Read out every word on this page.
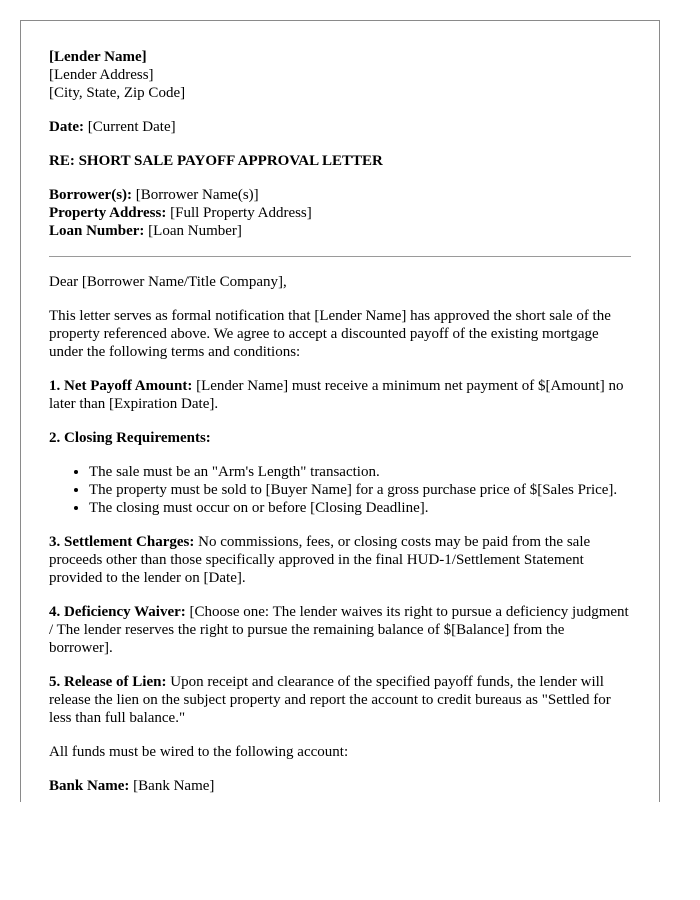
[Lender Name]
[Lender Address]
[City, State, Zip Code]

Date: [Current Date]

RE: SHORT SALE PAYOFF APPROVAL LETTER

Borrower(s): [Borrower Name(s)]
Property Address: [Full Property Address]
Loan Number: [Loan Number]

Dear [Borrower Name/Title Company],

This letter serves as formal notification that [Lender Name] has approved the short sale of the property referenced above. We agree to accept a discounted payoff of the existing mortgage under the following terms and conditions:

1. Net Payoff Amount: [Lender Name] must receive a minimum net payment of $[Amount] no later than [Expiration Date].

2. Closing Requirements:

• The sale must be an "Arm's Length" transaction.
• The property must be sold to [Buyer Name] for a gross purchase price of $[Sales Price].
• The closing must occur on or before [Closing Deadline].

3. Settlement Charges: No commissions, fees, or closing costs may be paid from the sale proceeds other than those specifically approved in the final HUD-1/Settlement Statement provided to the lender on [Date].

4. Deficiency Waiver: [Choose one: The lender waives its right to pursue a deficiency judgment / The lender reserves the right to pursue the remaining balance of $[Balance] from the borrower].

5. Release of Lien: Upon receipt and clearance of the specified payoff funds, the lender will release the lien on the subject property and report the account to credit bureaus as "Settled for less than full balance."

All funds must be wired to the following account:

Bank Name: [Bank Name]
